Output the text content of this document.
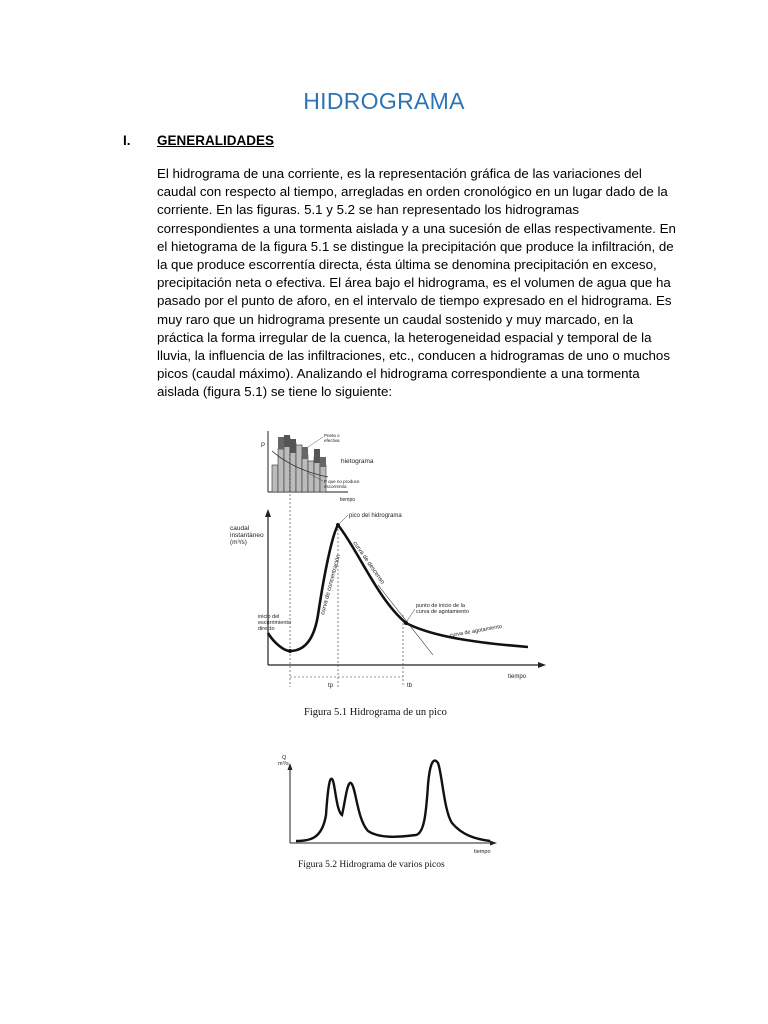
HIDROGRAMA
I. GENERALIDADES

El hidrograma de una corriente, es la representación gráfica de las variaciones del caudal con respecto al tiempo, arregladas en orden cronológico en un lugar dado de la corriente. En las figuras. 5.1 y 5.2 se han representado los hidrogramas correspondientes a una tormenta aislada y a una sucesión de ellas respectivamente. En el hietograma de la figura 5.1 se distingue la precipitación que produce la infiltración, de la que produce escorrentía directa, ésta última se denomina precipitación en exceso, precipitación neta o efectiva. El área bajo el hidrograma, es el volumen de agua que ha pasado por el punto de aforo, en el intervalo de tiempo expresado en el hidrograma. Es muy raro que un hidrograma presente un caudal sostenido y muy marcado, en la práctica la forma irregular de la cuenca, la heterogeneidad espacial y temporal de la lluvia, la influencia de las infiltraciones, etc., conducen a hidrogramas de uno o muchos picos (caudal máximo). Analizando el hidrograma correspondiente a una tormenta aislada (figura 5.1) se tiene lo siguiente:

P
Pneta o efectiva
hietograma
P que no produce escorrentía
tiempo
caudal instantáneo (m³/s)
pico del hidrograma
curva de concentración curva de descenso
punto de inicio de la curva de agotamiento
curva de agotamiento
inicio del escurrimiento directo
tiempo
tp	tb
Figura 5.1 Hidrograma de un pico
Q m³/s
tiempo
Figura 5.2 Hidrograma de varios picos
